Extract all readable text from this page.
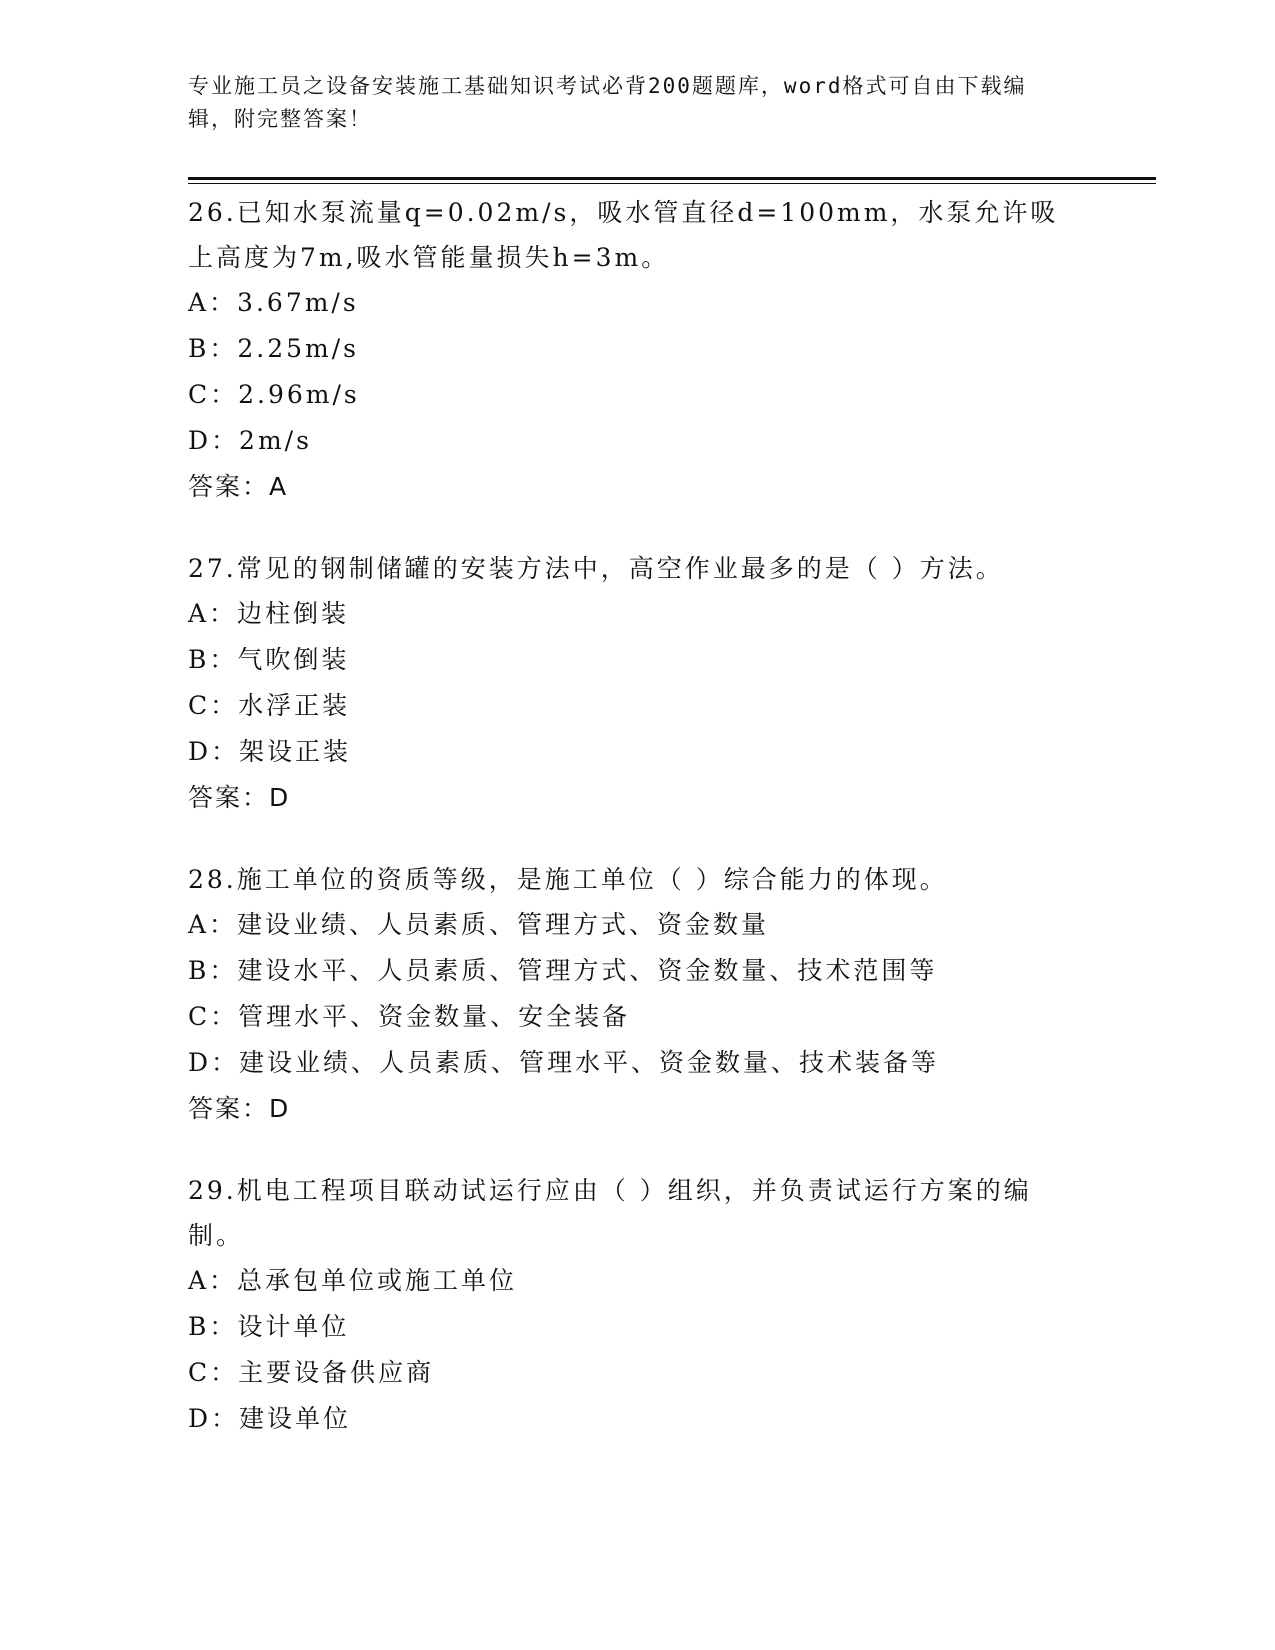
专业施工员之设备安装施工基础知识考试必背200题题库，word格式可自由下载编辑，附完整答案！

26.已知水泵流量q=0.02m/s，吸水管直径d=100mm，水泵允许吸上高度为7m,吸水管能量损失h=3m。

A：3.67m/s

B：2.25m/s

C：2.96m/s

D：2m/s

答案：A

27.常见的钢制储罐的安装方法中，高空作业最多的是（ ）方法。

A：边柱倒装

B：气吹倒装

C：水浮正装

D：架设正装

答案：D

28.施工单位的资质等级，是施工单位（ ）综合能力的体现。

A：建设业绩、人员素质、管理方式、资金数量

B：建设水平、人员素质、管理方式、资金数量、技术范围等

C：管理水平、资金数量、安全装备

D：建设业绩、人员素质、管理水平、资金数量、技术装备等

答案：D

29.机电工程项目联动试运行应由（ ）组织，并负责试运行方案的编制。

A：总承包单位或施工单位

B：设计单位

C：主要设备供应商

D：建设单位
